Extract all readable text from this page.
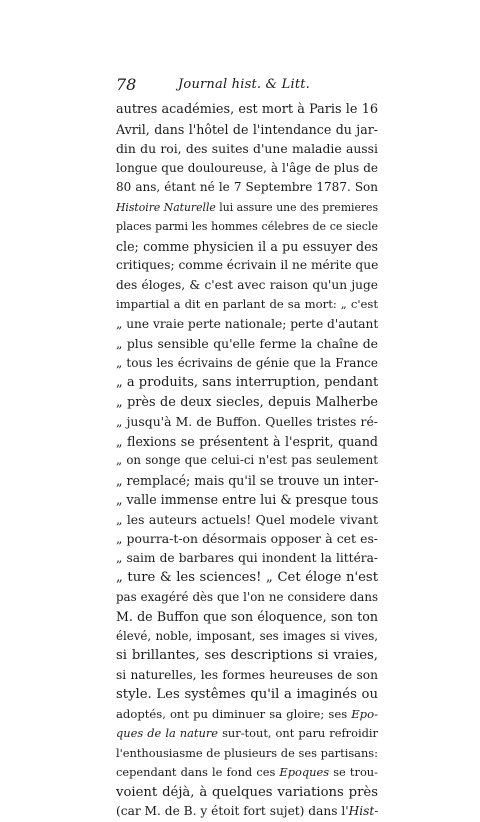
78	Journal hist. & Litt.
autres académies, est mort à Paris le 16
Avril, dans l'hôtel de l'intendance du jar-
din du roi, des suites d'une maladie aussi
longue que douloureuse, à l'âge de plus de
80 ans, étant né le 7 Septembre 1787. Son
Histoire Naturelle lui assure une des premieres
places parmi les hommes célebres de ce siecle
cle; comme physicien il a pu essuyer des
critiques; comme écrivain il ne mérite que
des éloges, & c'est avec raison qu'un juge
impartial a dit en parlant de sa mort: „ c'est
„ une vraie perte nationale; perte d'autant
„ plus sensible qu'elle ferme la chaîne de
„ tous les écrivains de génie que la France
„ a produits, sans interruption, pendant
„ près de deux siecles, depuis Malherbe
„ jusqu'à M. de Buffon. Quelles tristes ré-
„ flexions se présentent à l'esprit, quand
„ on songe que celui-ci n'est pas seulement
„ remplacé; mais qu'il se trouve un inter-
„ valle immense entre lui & presque tous
„ les auteurs actuels! Quel modele vivant
„ pourra-t-on désormais opposer à cet es-
„ saim de barbares qui inondent la littéra-
„ ture & les sciences! „ Cet éloge n'est
pas exagéré dès que l'on ne considere dans
M. de Buffon que son éloquence, son ton
élevé, noble, imposant, ses images si vives,
si brillantes, ses descriptions si vraies,
si naturelles, les formes heureuses de son
style. Les systêmes qu'il a imaginés ou
adoptés, ont pu diminuer sa gloire; ses Epo-
ques de la nature sur-tout, ont paru refroidir
l'enthousiasme de plusieurs de ses partisans:
cependant dans le fond ces Epoques se trou-
voient déjà, à quelques variations près
(car M. de B. y étoit fort sujet) dans l'Hist-
